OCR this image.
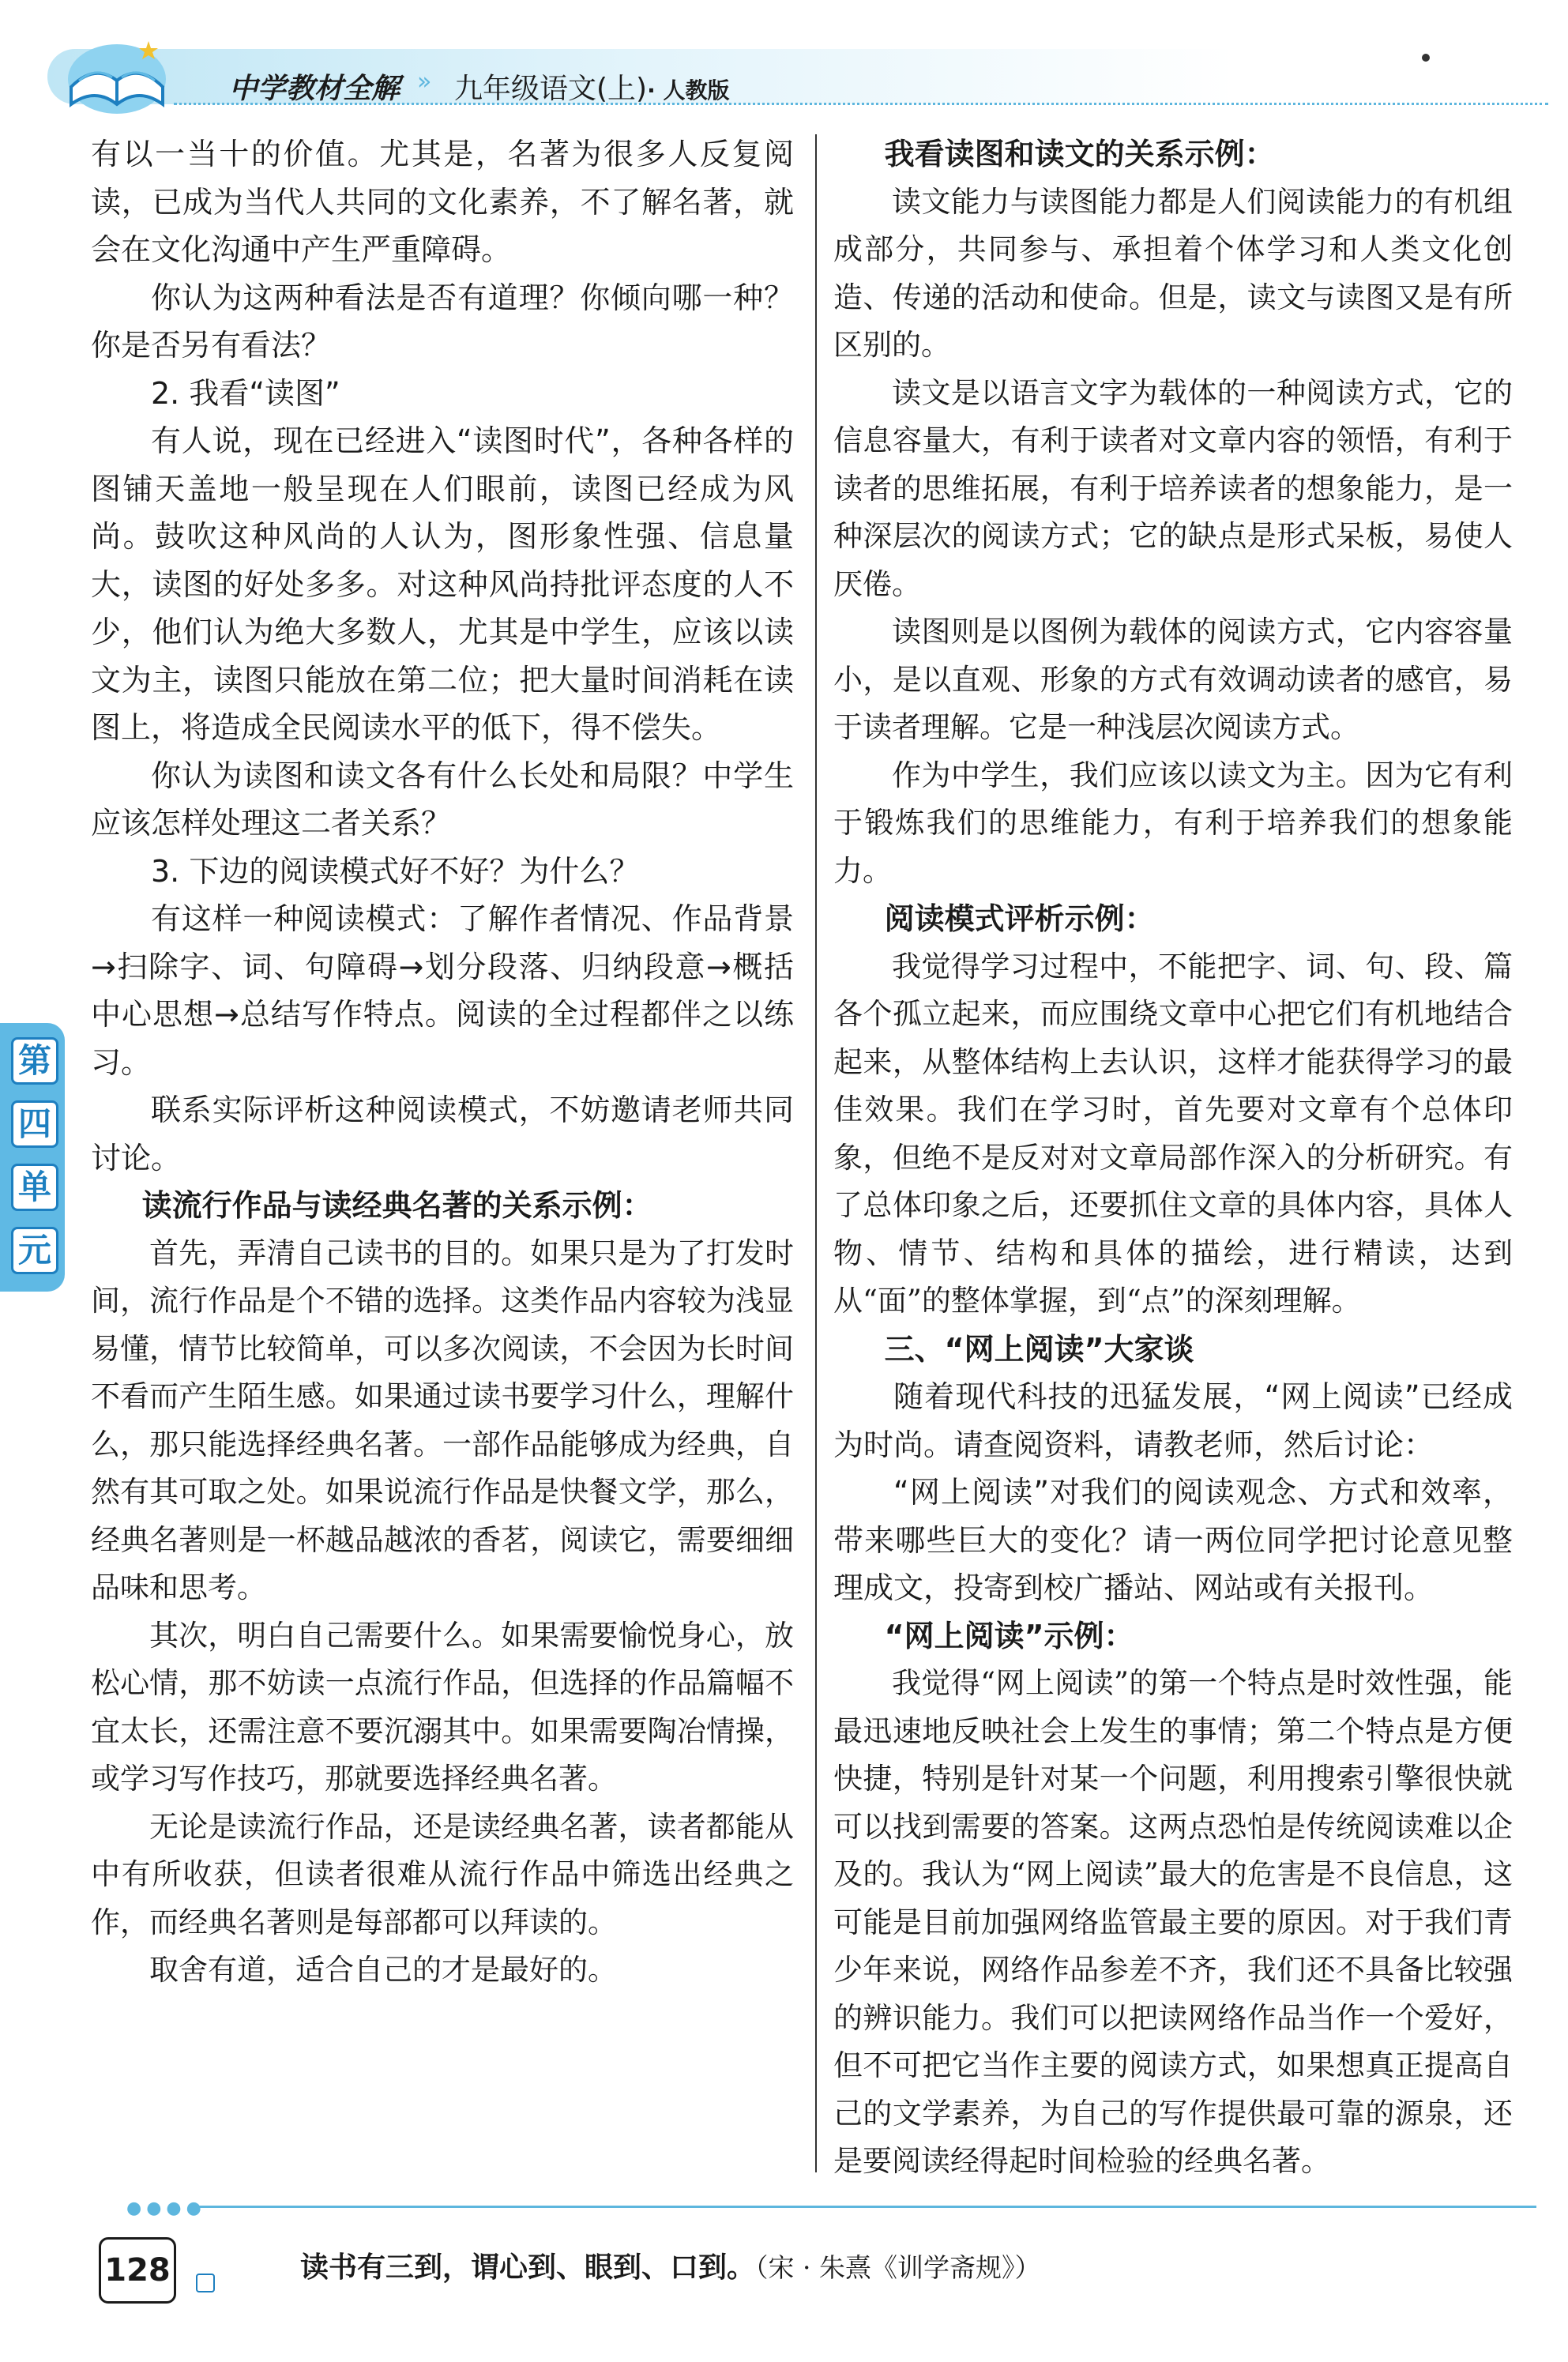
中学教材全解 » 九年级语文(上)· 人教版
第
四
单
元

有以一当十的价值。尤其是，名著为很多人反复阅读，已成为当代人共同的文化素养，不了解名著，就会在文化沟通中产生严重障碍。

你认为这两种看法是否有道理？你倾向哪一种？你是否另有看法？

2. 我看“读图”

有人说，现在已经进入“读图时代”，各种各样的图铺天盖地一般呈现在人们眼前，读图已经成为风尚。鼓吹这种风尚的人认为，图形象性强、信息量大，读图的好处多多。对这种风尚持批评态度的人不少，他们认为绝大多数人，尤其是中学生，应该以读文为主，读图只能放在第二位；把大量时间消耗在读图上，将造成全民阅读水平的低下，得不偿失。

你认为读图和读文各有什么长处和局限？中学生应该怎样处理这二者关系？

3. 下边的阅读模式好不好？为什么？

有这样一种阅读模式：了解作者情况、作品背景→扫除字、词、句障碍→划分段落、归纳段意→概括中心思想→总结写作特点。阅读的全过程都伴之以练习。

联系实际评析这种阅读模式，不妨邀请老师共同讨论。

读流行作品与读经典名著的关系示例：

首先，弄清自己读书的目的。如果只是为了打发时间，流行作品是个不错的选择。这类作品内容较为浅显易懂，情节比较简单，可以多次阅读，不会因为长时间不看而产生陌生感。如果通过读书要学习什么，理解什么，那只能选择经典名著。一部作品能够成为经典，自然有其可取之处。如果说流行作品是快餐文学，那么，经典名著则是一杯越品越浓的香茗，阅读它，需要细细品味和思考。

其次，明白自己需要什么。如果需要愉悦身心，放松心情，那不妨读一点流行作品，但选择的作品篇幅不宜太长，还需注意不要沉溺其中。如果需要陶冶情操，或学习写作技巧，那就要选择经典名著。

无论是读流行作品，还是读经典名著，读者都能从中有所收获，但读者很难从流行作品中筛选出经典之作，而经典名著则是每部都可以拜读的。

取舍有道，适合自己的才是最好的。

我看读图和读文的关系示例：

读文能力与读图能力都是人们阅读能力的有机组成部分，共同参与、承担着个体学习和人类文化创造、传递的活动和使命。但是，读文与读图又是有所区别的。

读文是以语言文字为载体的一种阅读方式，它的信息容量大，有利于读者对文章内容的领悟，有利于读者的思维拓展，有利于培养读者的想象能力，是一种深层次的阅读方式；它的缺点是形式呆板，易使人厌倦。

读图则是以图例为载体的阅读方式，它内容容量小，是以直观、形象的方式有效调动读者的感官，易于读者理解。它是一种浅层次阅读方式。

作为中学生，我们应该以读文为主。因为它有利于锻炼我们的思维能力，有利于培养我们的想象能力。

阅读模式评析示例：

我觉得学习过程中，不能把字、词、句、段、篇各个孤立起来，而应围绕文章中心把它们有机地结合起来，从整体结构上去认识，这样才能获得学习的最佳效果。我们在学习时，首先要对文章有个总体印象，但绝不是反对对文章局部作深入的分析研究。有了总体印象之后，还要抓住文章的具体内容，具体人物、情节、结构和具体的描绘，进行精读，达到从“面”的整体掌握，到“点”的深刻理解。

三、“网上阅读”大家谈

随着现代科技的迅猛发展，“网上阅读”已经成为时尚。请查阅资料，请教老师，然后讨论：

“网上阅读”对我们的阅读观念、方式和效率，带来哪些巨大的变化？请一两位同学把讨论意见整理成文，投寄到校广播站、网站或有关报刊。

“网上阅读”示例：

我觉得“网上阅读”的第一个特点是时效性强，能最迅速地反映社会上发生的事情；第二个特点是方便快捷，特别是针对某一个问题，利用搜索引擎很快就可以找到需要的答案。这两点恐怕是传统阅读难以企及的。我认为“网上阅读”最大的危害是不良信息，这可能是目前加强网络监管最主要的原因。对于我们青少年来说，网络作品参差不齐，我们还不具备比较强的辨识能力。我们可以把读网络作品当作一个爱好，但不可把它当作主要的阅读方式，如果想真正提高自己的文学素养，为自己的写作提供最可靠的源泉，还是要阅读经得起时间检验的经典名著。

●●●●
128	读书有三到，谓心到、眼到、口到。（宋 · 朱熹《训学斋规》）
